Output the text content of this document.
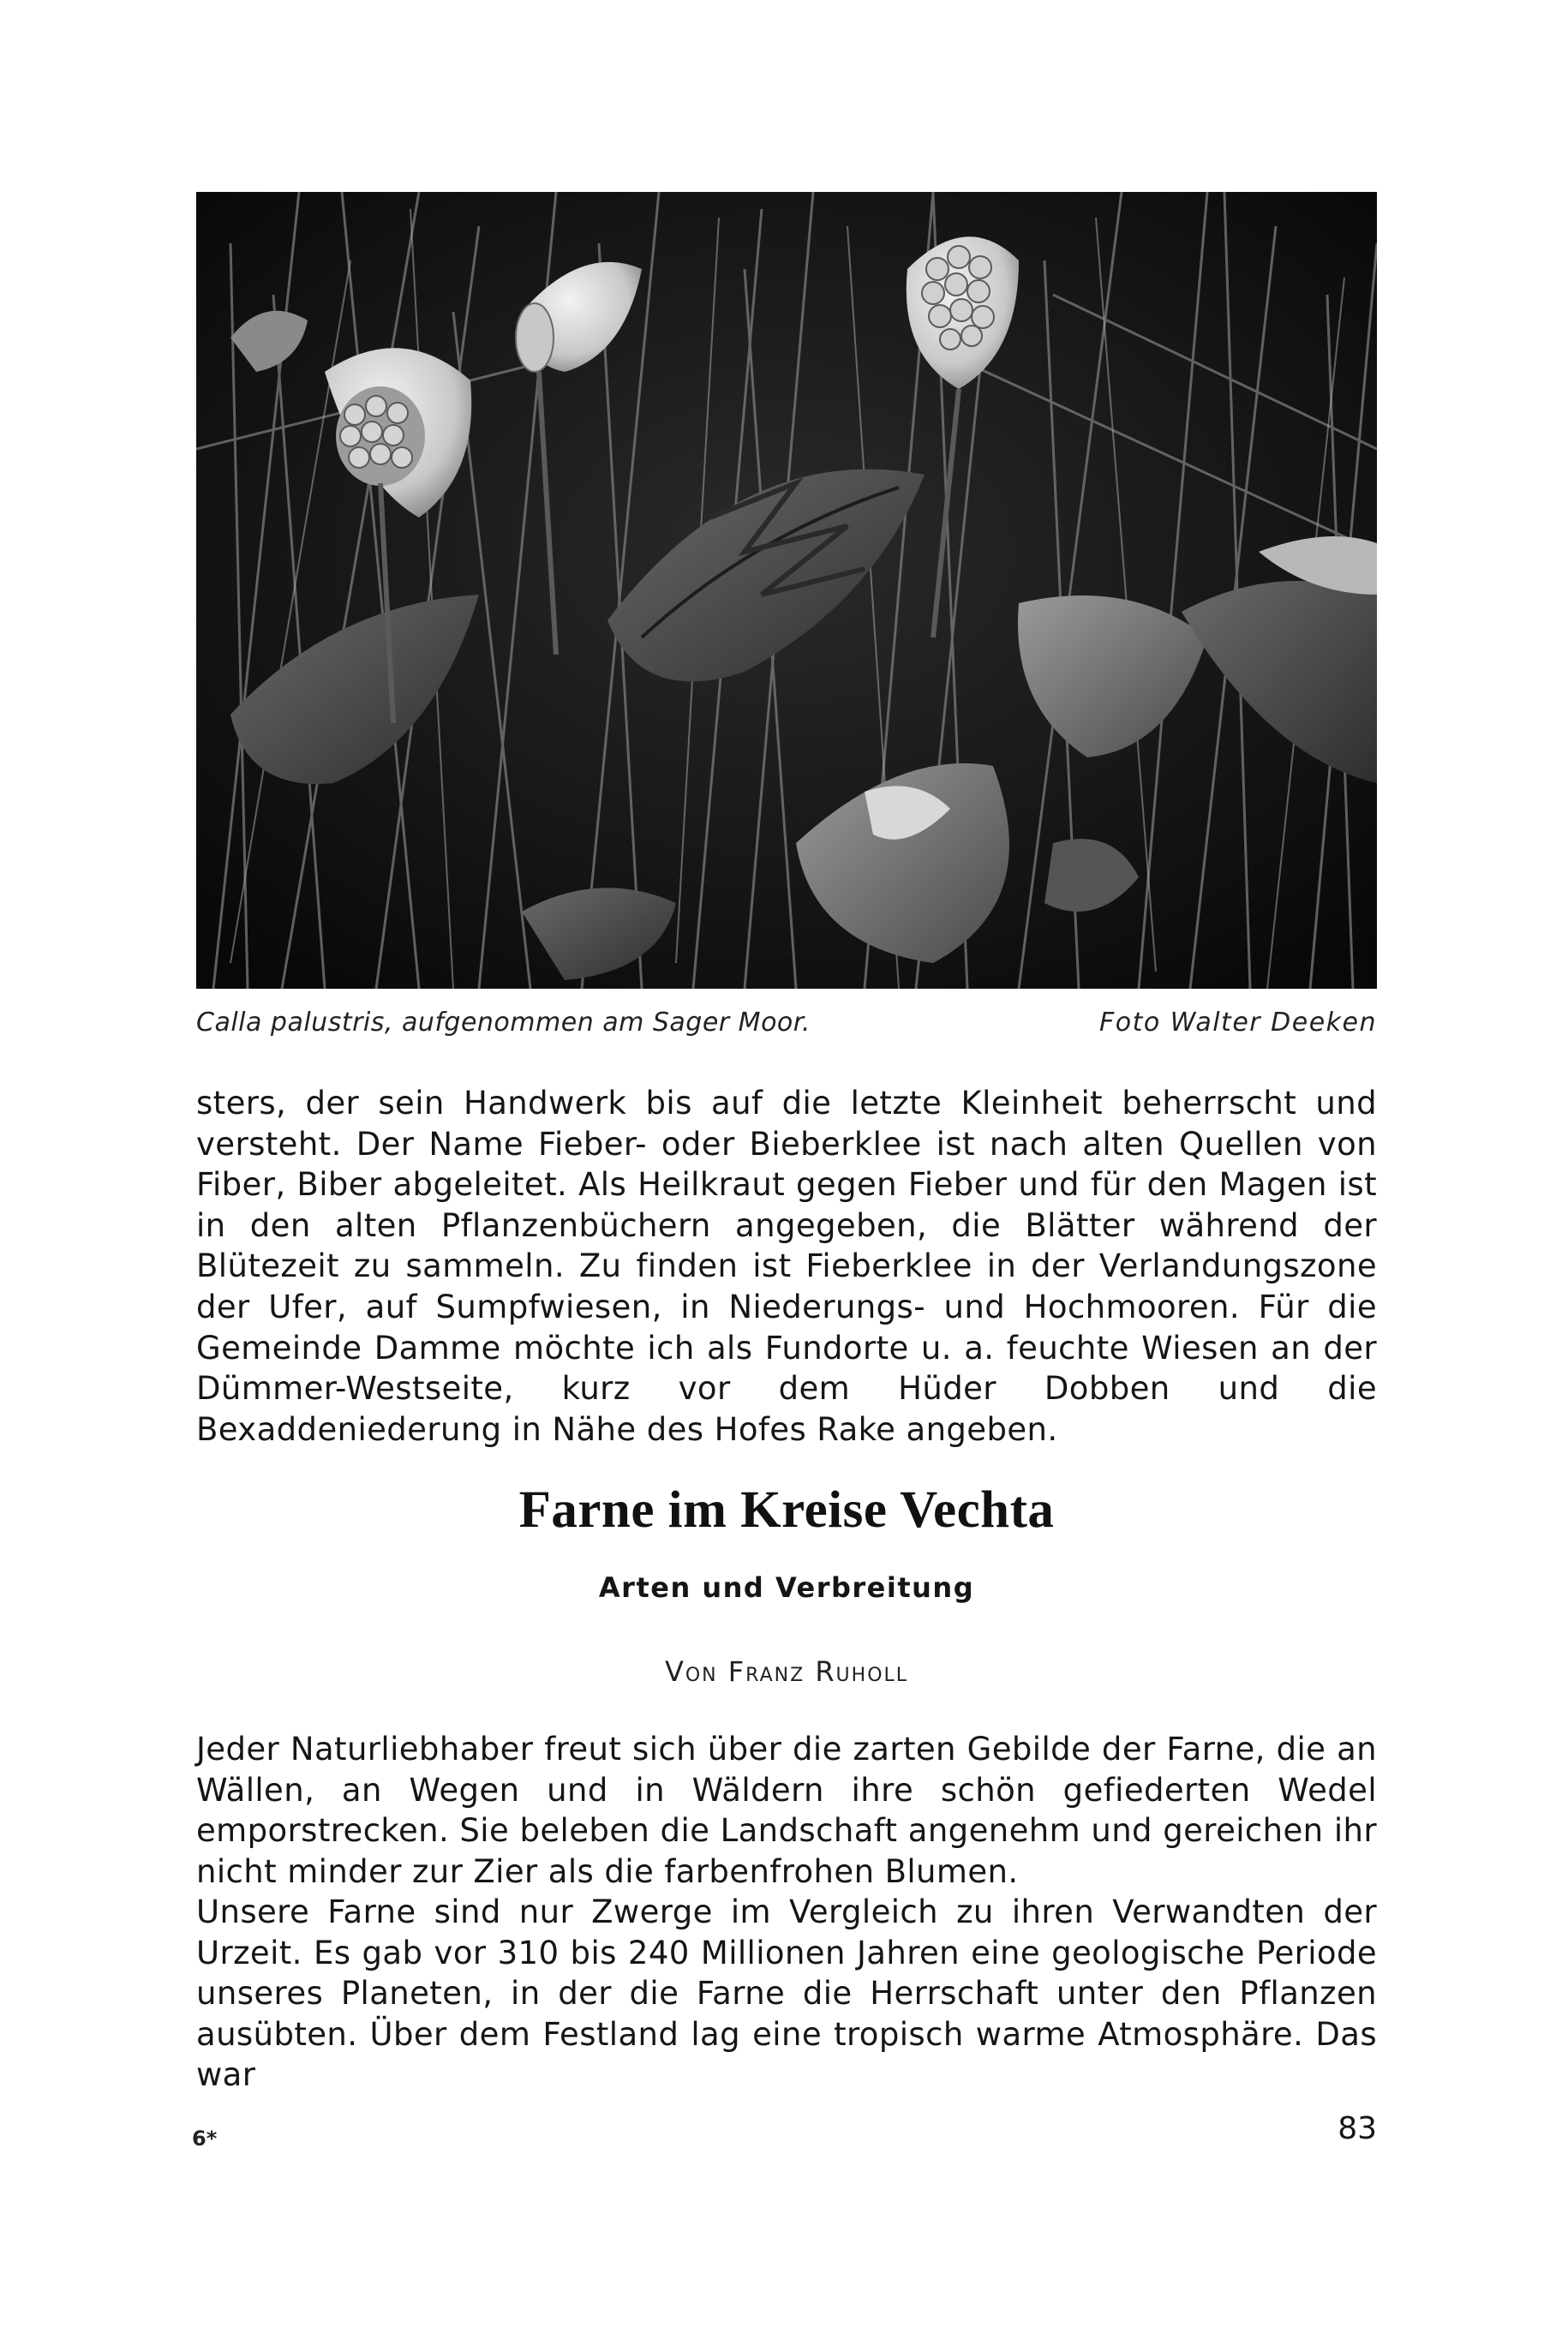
Calla palustris, aufgenommen am Sager Moor.	Foto Walter Deeken

sters, der sein Handwerk bis auf die letzte Kleinheit beherrscht und versteht. Der Name Fieber- oder Bieberklee ist nach alten Quellen von Fiber, Biber abgeleitet. Als Heilkraut gegen Fieber und für den Magen ist in den alten Pflanzenbüchern angegeben, die Blätter während der Blütezeit zu sammeln. Zu finden ist Fieberklee in der Verlandungszone der Ufer, auf Sumpfwiesen, in Niederungs- und Hochmooren. Für die Gemeinde Damme möchte ich als Fundorte u. a. feuchte Wiesen an der Dümmer-Westseite, kurz vor dem Hüder Dobben und die Bexaddeniederung in Nähe des Hofes Rake angeben.

Farne im Kreise Vechta
Arten und Verbreitung
Von Franz Ruholl

Jeder Naturliebhaber freut sich über die zarten Gebilde der Farne, die an Wällen, an Wegen und in Wäldern ihre schön gefiederten Wedel emporstrecken. Sie beleben die Landschaft angenehm und gereichen ihr nicht minder zur Zier als die farbenfrohen Blumen.

Unsere Farne sind nur Zwerge im Vergleich zu ihren Verwandten der Urzeit. Es gab vor 310 bis 240 Millionen Jahren eine geologische Periode unseres Planeten, in der die Farne die Herrschaft unter den Pflanzen ausübten. Über dem Festland lag eine tropisch warme Atmosphäre. Das war

6*	83
